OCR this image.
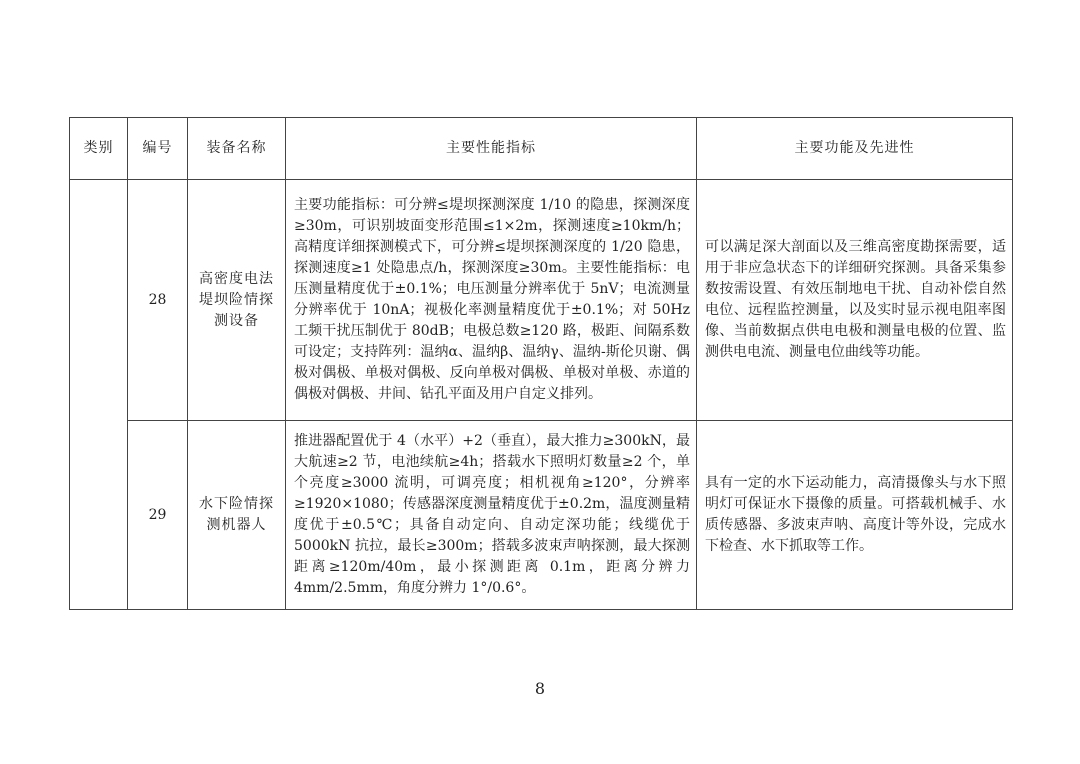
类别	编号	装备名称	主要性能指标	主要功能及先进性
	28	高密度电法堤坝险情探测设备	主要功能指标：可分辨≤堤坝探测深度 1/10 的隐患，探测深度≥30m，可识别坡面变形范围≤1×2m，探测速度≥10km/h；高精度详细探测模式下，可分辨≤堤坝探测深度的 1/20 隐患，探测速度≥1 处隐患点/h，探测深度≥30m。主要性能指标：电压测量精度优于±0.1%；电压测量分辨率优于 5nV；电流测量分辨率优于 10nA；视极化率测量精度优于±0.1%；对 50Hz 工频干扰压制优于 80dB；电极总数≥120 路，极距、间隔系数可设定；支持阵列：温纳α、温纳β、温纳γ、温纳-斯伦贝谢、偶极对偶极、单极对偶极、反向单极对偶极、单极对单极、赤道的偶极对偶极、井间、钻孔平面及用户自定义排列。	可以满足深大剖面以及三维高密度勘探需要，适用于非应急状态下的详细研究探测。具备采集参数按需设置、有效压制地电干扰、自动补偿自然电位、远程监控测量，以及实时显示视电阻率图像、当前数据点供电电极和测量电极的位置、监测供电电流、测量电位曲线等功能。
	29	水下险情探测机器人	推进器配置优于 4（水平）+2（垂直），最大推力≥300kN，最大航速≥2 节，电池续航≥4h；搭载水下照明灯数量≥2 个，单个亮度≥3000 流明，可调亮度；相机视角≥120°，分辨率≥1920×1080；传感器深度测量精度优于±0.2m，温度测量精度优于±0.5℃；具备自动定向、自动定深功能；线缆优于 5000kN 抗拉，最长≥300m；搭载多波束声呐探测，最大探测距离≥120m/40m，最小探测距离 0.1m，距离分辨力 4mm/2.5mm，角度分辨力 1°/0.6°。	具有一定的水下运动能力，高清摄像头与水下照明灯可保证水下摄像的质量。可搭载机械手、水质传感器、多波束声呐、高度计等外设，完成水下检查、水下抓取等工作。
8
